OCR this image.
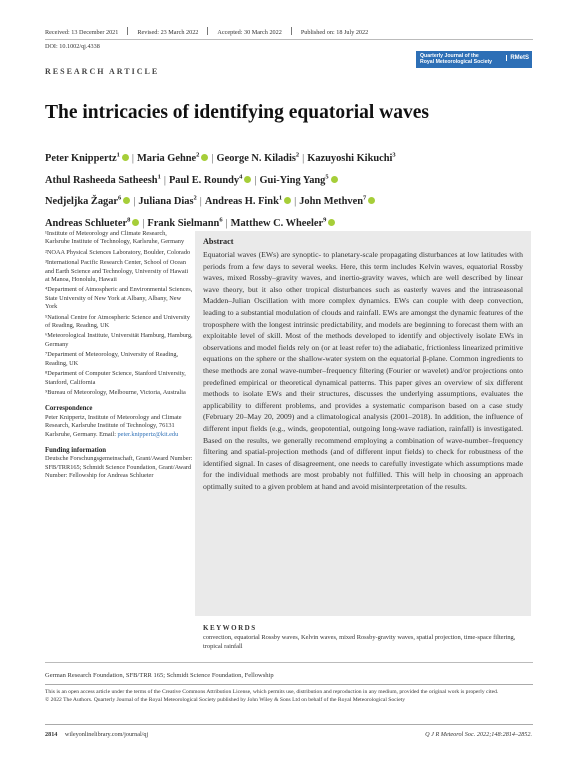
Received: 13 December 2021	Revised: 23 March 2022	Accepted: 30 March 2022	Published on: 18 July 2022
DOI: 10.1002/qj.4338
Quarterly Journal of the
Royal Meteorological Society
RMetS
RESEARCH ARTICLE
The intricacies of identifying equatorial waves
Peter Knippertz$^1$ | Maria Gehne$^2$ | George N. Kiladis$^2$ | Kazuyoshi Kikuchi$^3$
Athul Rasheeda Satheesh$^1$ | Paul E. Roundy$^4$ | Gui-Ying Yang$^5$
Nedjeljka Žagar$^6$ | Juliana Dias$^2$ | Andreas H. Fink$^1$ | John Methven$^7$
Andreas Schlueter$^8$ | Frank Sielmann$^6$ | Matthew C. Wheeler$^9$

¹Institute of Meteorology and Climate Research, Karlsruhe Institute of Technology, Karlsruhe, Germany

²NOAA Physical Sciences Laboratory, Boulder, Colorado

³International Pacific Research Center, School of Ocean and Earth Science and Technology, University of Hawaii at Manoa, Honolulu, Hawaii

⁴Department of Atmospheric and Environmental Sciences, State University of New York at Albany, Albany, New York

⁵National Centre for Atmospheric Science and University of Reading, Reading, UK

⁶Meteorological Institute, Universität Hamburg, Hamburg, Germany

⁷Department of Meteorology, University of Reading, Reading, UK

⁸Department of Computer Science, Stanford University, Stanford, California

⁹Bureau of Meteorology, Melbourne, Victoria, Australia

Correspondence
Peter Knippertz, Institute of Meteorology and Climate Research, Karlsruhe Institute of Technology, 76131 Karlsruhe, Germany. Email: peter.knippertz@kit.edu
Funding information
Deutsche Forschungsgemeinschaft, Grant/Award Number: SFB/TRR165; Schmidt Science Foundation, Grant/Award Number: Fellowship for Andreas Schlueter
Abstract
Equatorial waves (EWs) are synoptic- to planetary-scale propagating disturbances at low latitudes with periods from a few days to several weeks. Here, this term includes Kelvin waves, equatorial Rossby waves, mixed Rossby–gravity waves, and inertio-gravity waves, which are well described by linear wave theory, but it also other tropical disturbances such as easterly waves and the intraseasonal Madden–Julian Oscillation with more complex dynamics. EWs can couple with deep convection, leading to a substantial modulation of clouds and rainfall. EWs are amongst the dynamic features of the troposphere with the longest intrinsic predictability, and models are beginning to forecast them with an exploitable level of skill. Most of the methods developed to identify and objectively isolate EWs in observations and model fields rely on (or at least refer to) the adiabatic, frictionless linearized primitive equations on the sphere or the shallow-water system on the equatorial β-plane. Common ingredients to these methods are zonal wave-number–frequency filtering (Fourier or wavelet) and/or projections onto predefined empirical or theoretical dynamical patterns. This paper gives an overview of six different methods to isolate EWs and their structures, discusses the underlying assumptions, evaluates the applicability to different problems, and provides a systematic comparison based on a case study (February 20–May 20, 2009) and a climatological analysis (2001–2018). In addition, the influence of different input fields (e.g., winds, geopotential, outgoing long-wave radiation, rainfall) is investigated. Based on the results, we generally recommend employing a combination of wave-number–frequency filtering and spatial-projection methods (and of different input fields) to check for robustness of the identified signal. In cases of disagreement, one needs to carefully investigate which assumptions made for the individual methods are most probably not fulfilled. This will help in choosing an approach optimally suited to a given problem at hand and avoid misinterpretation of the results.
KEYWORDS
convection, equatorial Rossby waves, Kelvin waves, mixed Rossby-gravity waves, spatial projection, time-space filtering, tropical rainfall
German Research Foundation, SFB/TRR 165; Schmidt Science Foundation, Fellowship
This is an open access article under the terms of the Creative Commons Attribution License, which permits use, distribution and reproduction in any medium, provided the original work is properly cited.
© 2022 The Authors. Quarterly Journal of the Royal Meteorological Society published by John Wiley & Sons Ltd on behalf of the Royal Meteorological Society
2814 wileyonlinelibrary.com/journal/qj	Q J R Meteorol Soc. 2022;148:2814–2852.
